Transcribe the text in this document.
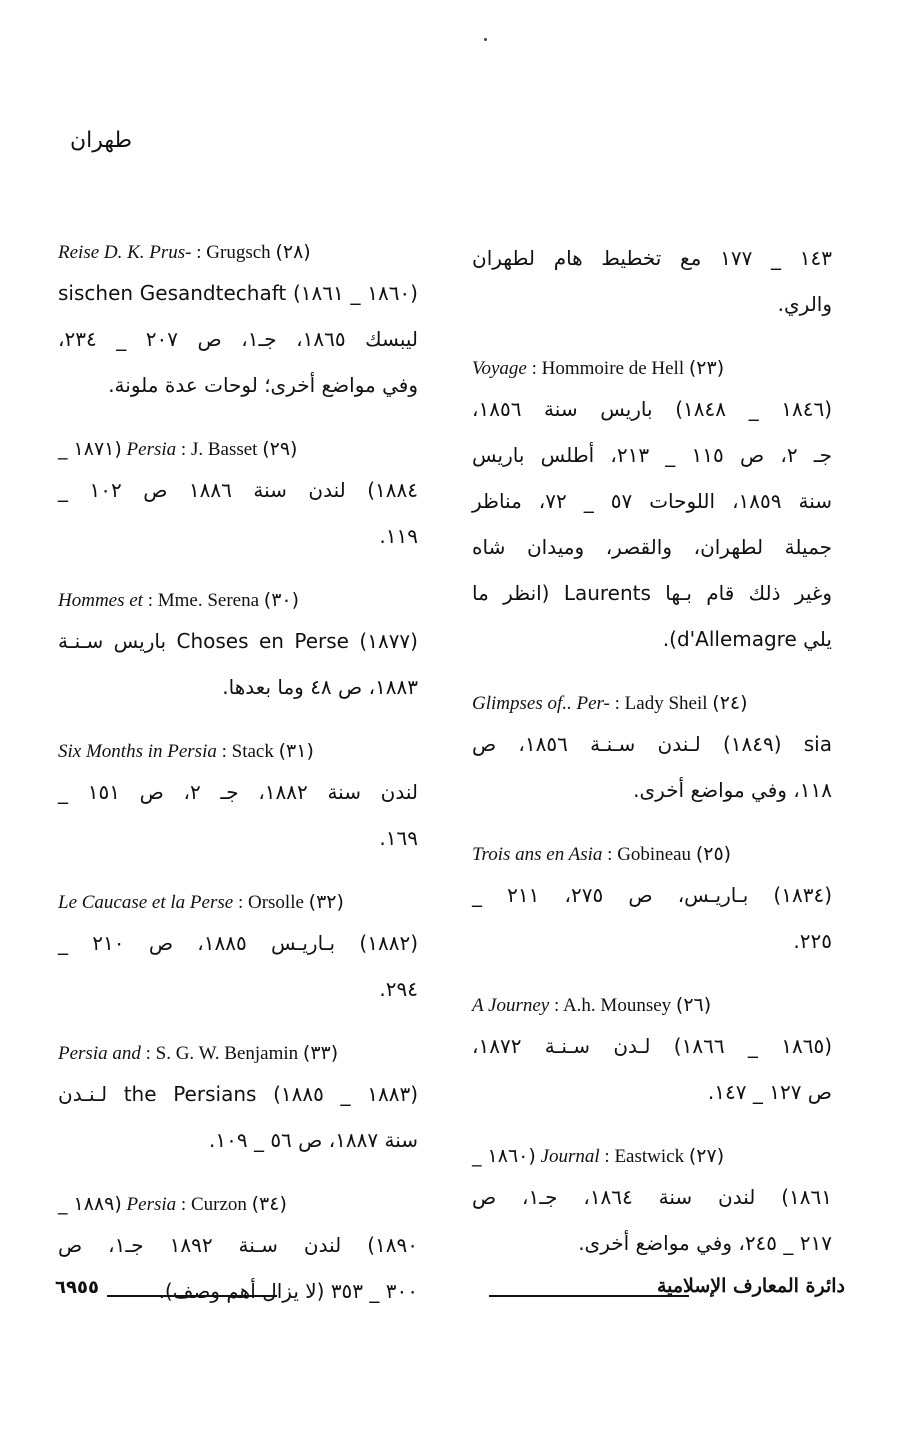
طهران
١٤٣ _ ١٧٧ مع تخطيط هام لطهران
والري.
Voyage : Hommoire de Hell (٢٣)
(١٨٤٦ _ ١٨٤٨) باريس سنة ١٨٥٦،
جـ ٢، ص ١١٥ _ ٢١٣، أطلس باريس
سنة ١٨٥٩، اللوحات ٥٧ _ ٧٢، مناظر
جميلة لطهران، والقصر، وميدان شاه
وغير ذلك قام بـها Laurents (انظر ما
يلي d'Allemagre).
Glimpses of.. Per- : Lady Sheil (٢٤)
sia (١٨٤٩) لـندن سـنـة ١٨٥٦، ص
١١٨، وفي مواضع أخرى.
Trois ans en Asia : Gobineau (٢٥)
(١٨٣٤) بـاريـس، ص ٢٧٥، ٢١١ _
٢٢٥.
A Journey : A.h. Mounsey (٢٦)
(١٨٦٥ _ ١٨٦٦) لـدن سـنـة ١٨٧٢،
ص ١٢٧ _ ١٤٧.
_ ١٨٦٠) Journal : Eastwick (٢٧)
١٨٦١) لندن سنة ١٨٦٤، جـ١، ص
٢١٧ _ ٢٤٥، وفي مواضع أخرى.
Reise D. K. Prus- : Grugsch (٢٨)
(١٨٦٠ _ ١٨٦١) sischen Gesandtechaft
ليبسك ١٨٦٥، جـ١، ص ٢٠٧ _ ٢٣٤،
وفي مواضع أخرى؛ لوحات عدة ملونة.
_ ١٨٧١) Persia : J. Basset (٢٩)
١٨٨٤) لندن سنة ١٨٨٦ ص ١٠٢ _
١١٩.
Hommes et : Mme. Serena (٣٠)
(١٨٧٧) Choses en Perse باريس سـنـة
١٨٨٣، ص ٤٨ وما بعدها.
Six Months in Persia : Stack (٣١)
لندن سنة ١٨٨٢، جـ ٢، ص ١٥١ _
١٦٩.
Le Caucase et la Perse : Orsolle (٣٢)
(١٨٨٢) بـاريـس ١٨٨٥، ص ٢١٠ _
٢٩٤.
Persia and : S. G. W. Benjamin (٣٣)
(١٨٨٣ _ ١٨٨٥) the Persians لـنـدن
سنة ١٨٨٧، ص ٥٦ _ ١٠٩.
_ ١٨٨٩) Persia : Curzon (٣٤)
١٨٩٠) لندن سـنة ١٨٩٢ جـ١، ص
٣٠٠ _ ٣٥٣ (لا يزال أهم وصف).
٦٩٥٥	دائرة المعارف الإسلامية
